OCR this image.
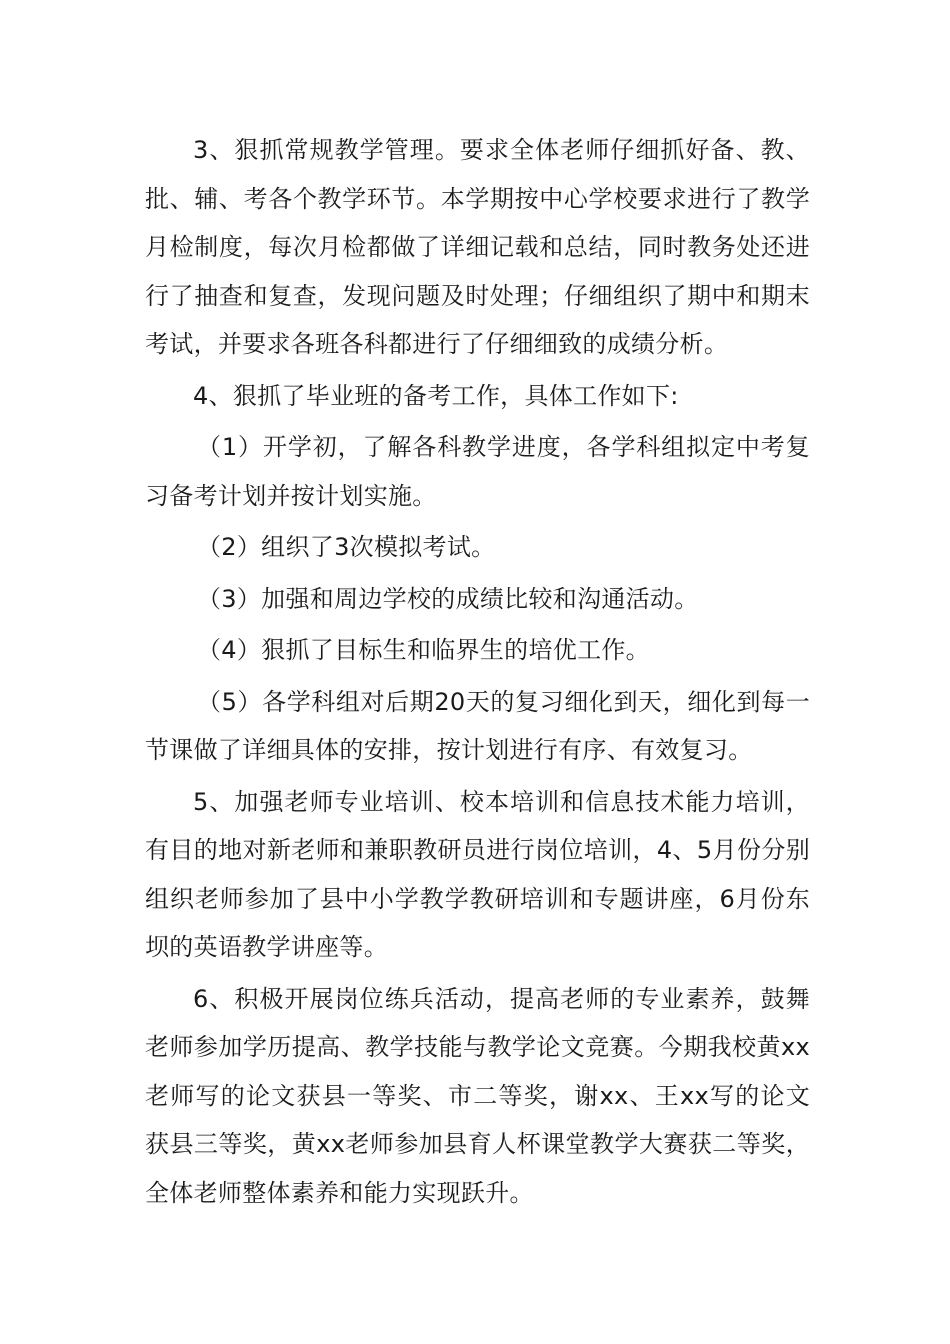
3、狠抓常规教学管理。要求全体老师仔细抓好备、教、批、辅、考各个教学环节。本学期按中心学校要求进行了教学月检制度，每次月检都做了详细记载和总结，同时教务处还进行了抽查和复查，发现问题及时处理；仔细组织了期中和期末考试，并要求各班各科都进行了仔细细致的成绩分析。

4、狠抓了毕业班的备考工作，具体工作如下:

（1）开学初，了解各科教学进度，各学科组拟定中考复习备考计划并按计划实施。

（2）组织了3次模拟考试。

（3）加强和周边学校的成绩比较和沟通活动。

（4）狠抓了目标生和临界生的培优工作。

（5）各学科组对后期20天的复习细化到天，细化到每一节课做了详细具体的安排，按计划进行有序、有效复习。

5、加强老师专业培训、校本培训和信息技术能力培训，有目的地对新老师和兼职教研员进行岗位培训，4、5月份分别组织老师参加了县中小学教学教研培训和专题讲座，6月份东坝的英语教学讲座等。

6、积极开展岗位练兵活动，提高老师的专业素养，鼓舞老师参加学历提高、教学技能与教学论文竞赛。今期我校黄xx老师写的论文获县一等奖、市二等奖，谢xx、王xx写的论文获县三等奖，黄xx老师参加县育人杯课堂教学大赛获二等奖，全体老师整体素养和能力实现跃升。
